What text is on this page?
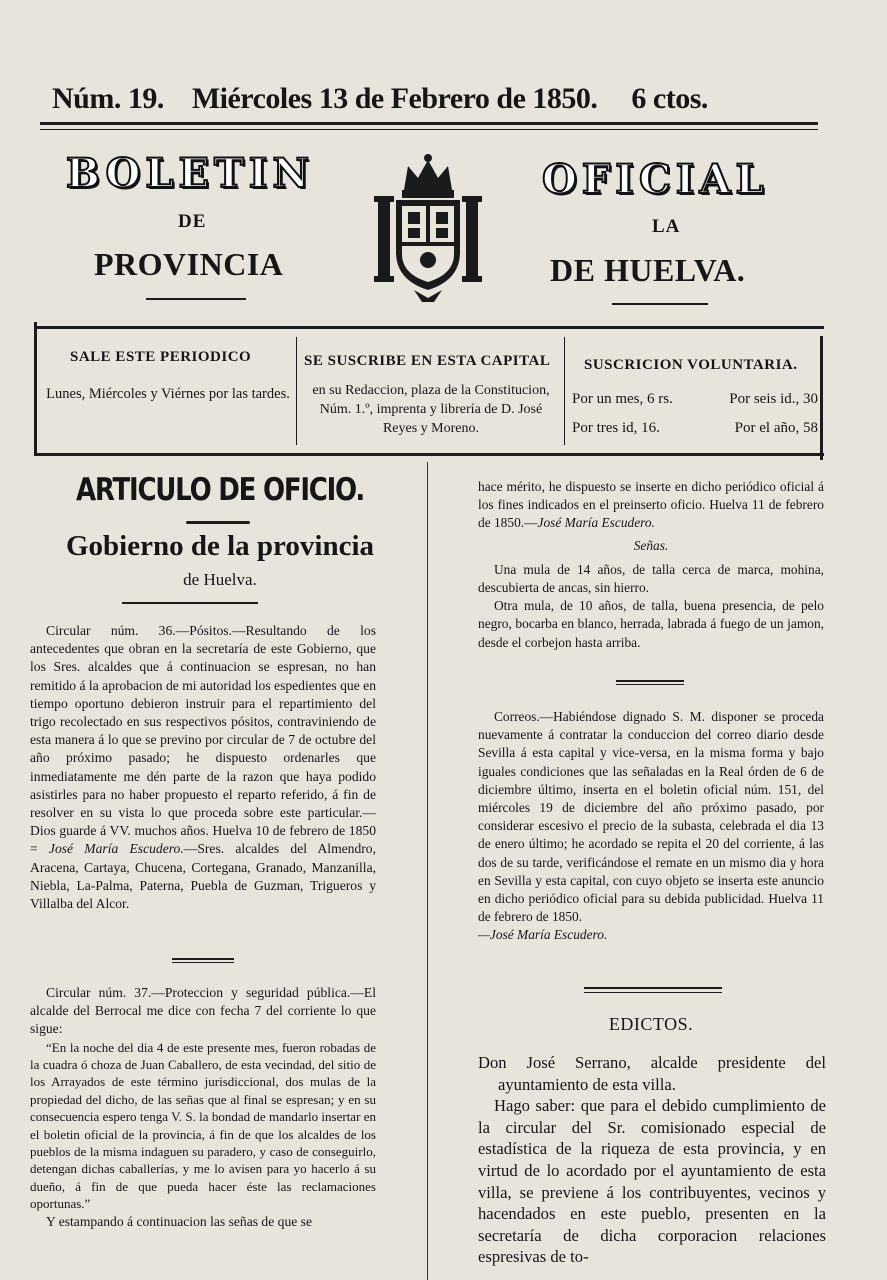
Núm. 19. Miércoles 13 de Febrero de 1850. 6 ctos.
BOLETIN	OFICIAL
DE	LA
PROVINCIA	DE HUELVA.
SALE ESTE PERIODICO
Lunes, Miércoles y Viérnes por las tardes.
SE SUSCRIBE EN ESTA CAPITAL
en su Redaccion, plaza de la Constitucion, Núm. 1.º, imprenta y librería de D. José Reyes y Moreno.
SUSCRICION VOLUNTARIA.
Por un mes, 6 rs.	Por seis id., 30
Por tres id, 16.	Por el año, 58
ARTICULO DE OFICIO.
Gobierno de la provincia
de Huelva.

Circular núm. 36.—Pósitos.—Resultando de los antecedentes que obran en la secretaría de este Gobierno, que los Sres. alcaldes que á continuacion se espresan, no han remitido á la aprobacion de mi autoridad los espedientes que en tiempo oportuno debieron instruir para el repartimiento del trigo recolectado en sus respectivos pósitos, contraviniendo de esta manera á lo que se previno por circular de 7 de octubre del año próximo pasado; he dispuesto ordenarles que inmediatamente me dén parte de la razon que haya podido asistirles para no haber propuesto el reparto referido, á fin de resolver en su vista lo que proceda sobre este particular.— Dios guarde á VV. muchos años. Huelva 10 de febrero de 1850 = José María Escudero.—Sres. alcaldes del Almendro, Aracena, Cartaya, Chucena, Cortegana, Granado, Manzanilla, Niebla, La-Palma, Paterna, Puebla de Guzman, Trigueros y Villalba del Alcor.

Circular núm. 37.—Proteccion y seguridad pública.—El alcalde del Berrocal me dice con fecha 7 del corriente lo que sigue:

“En la noche del dia 4 de este presente mes, fueron robadas de la cuadra ó choza de Juan Caballero, de esta vecindad, del sitio de los Arrayados de este término jurisdiccional, dos mulas de la propiedad del dicho, de las señas que al final se espresan; y en su consecuencia espero tenga V. S. la bondad de mandarlo insertar en el boletin oficial de la provincia, á fin de que los alcaldes de los pueblos de la misma indaguen su paradero, y caso de conseguirlo, detengan dichas caballerías, y me lo avisen para yo hacerlo á su dueño, á fin de que pueda hacer éste las reclamaciones oportunas.”

Y estampando á continuacion las señas de que se

hace mérito, he dispuesto se inserte en dicho periódico oficial á los fines indicados en el preinserto oficio. Huelva 11 de febrero de 1850.—José María Escudero.

Señas.

Una mula de 14 años, de talla cerca de marca, mohina, descubierta de ancas, sin hierro.

Otra mula, de 10 años, de talla, buena presencia, de pelo negro, bocarba en blanco, herrada, labrada á fuego de un jamon, desde el corbejon hasta arriba.

Correos.—Habiéndose dignado S. M. disponer se proceda nuevamente á contratar la conduccion del correo diario desde Sevilla á esta capital y vice-versa, en la misma forma y bajo iguales condiciones que las señaladas en la Real órden de 6 de diciembre último, inserta en el boletin oficial núm. 151, del miércoles 19 de diciembre del año próximo pasado, por considerar escesivo el precio de la subasta, celebrada el dia 13 de enero último; he acordado se repita el 20 del corriente, á las dos de su tarde, verificándose el remate en un mismo dia y hora en Sevilla y esta capital, con cuyo objeto se inserta este anuncio en dicho periódico oficial para su debida publicidad. Huelva 11 de febrero de 1850.

—José María Escudero.

EDICTOS.

Don José Serrano, alcalde presidente del ayuntamiento de esta villa.

Hago saber: que para el debido cumplimiento de la circular del Sr. comisionado especial de estadística de la riqueza de esta provincia, y en virtud de lo acordado por el ayuntamiento de esta villa, se previene á los contribuyentes, vecinos y hacendados en este pueblo, presenten en la secretaría de dicha corporacion relaciones espresivas de to-
